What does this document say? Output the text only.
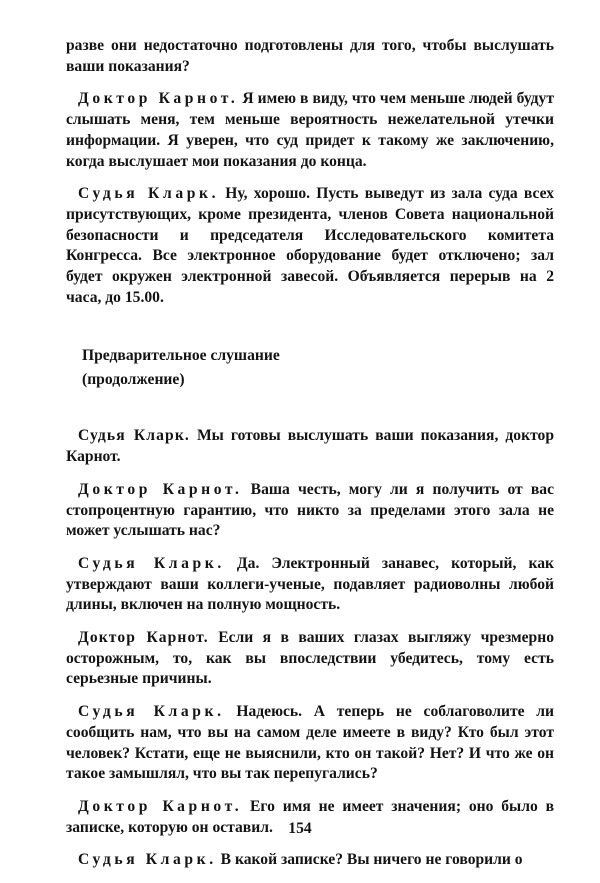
разве они недостаточно подготовлены для того, чтобы выслушать ваши показания?

Доктор Карнот. Я имею в виду, что чем меньше людей будут слышать меня, тем меньше вероятность нежелательной утечки информации. Я уверен, что суд придет к такому же заключению, когда выслушает мои показания до конца.

Судья Кларк. Ну, хорошо. Пусть выведут из зала суда всех присутствующих, кроме президента, членов Совета национальной безопасности и председателя Исследовательского комитета Конгресса. Все электронное оборудование будет отключено; зал будет окружен электронной завесой. Объявляется перерыв на 2 часа, до 15.00.

Предварительное слушание

(продолжение)

Судья Кларк. Мы готовы выслушать ваши показания, доктор Карнот.

Доктор Карнот. Ваша честь, могу ли я получить от вас стопроцентную гарантию, что никто за пределами этого зала не может услышать нас?

Судья Кларк. Да. Электронный занавес, который, как утверждают ваши коллеги-ученые, подавляет радиоволны любой длины, включен на полную мощность.

Доктор Карнот. Если я в ваших глазах выгляжу чрезмерно осторожным, то, как вы впоследствии убедитесь, тому есть серьезные причины.

Судья Кларк. Надеюсь. А теперь не соблаговолите ли сообщить нам, что вы на самом деле имеете в виду? Кто был этот человек? Кстати, еще не выяснили, кто он такой? Нет? И что же он такое замышлял, что вы так перепугались?

Доктор Карнот. Его имя не имеет значения; оно было в записке, которую он оставил.

Судья Кларк. В какой записке? Вы ничего не говорили о

154
